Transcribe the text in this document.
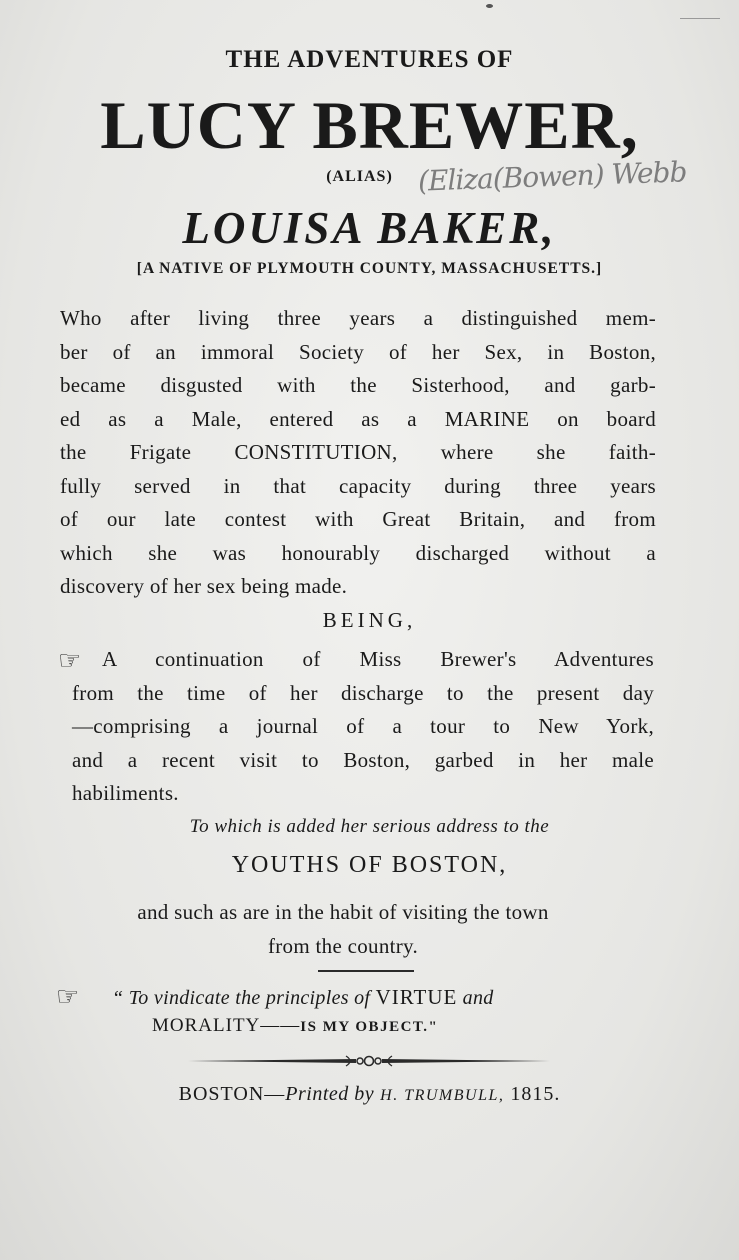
THE ADVENTURES OF
LUCY BREWER,
(ALIAS) (Eliza(Bowen) Webb
LOUISA BAKER,
[A NATIVE OF PLYMOUTH COUNTY, MASSACHUSETTS.]
Who after living three years a distinguished mem-
ber of an immoral Society of her Sex, in Boston,
became disgusted with the Sisterhood, and garb-
ed as a Male, entered as a MARINE on board
the Frigate CONSTITUTION, where she faith-
fully served in that capacity during three years
of our late contest with Great Britain, and from
which she was honourably discharged without a
discovery of her sex being made.
BEING,
☞ A continuation of Miss Brewer's Adventures
from the time of her discharge to the present day
—comprising a journal of a tour to New York,
and a recent visit to Boston, garbed in her male
habiliments.
To which is added her serious address to the
YOUTHS OF BOSTON,
and such as are in the habit of visiting the town
from the country.
☞ “ To vindicate the principles of VIRTUE and
MORALITY——IS MY OBJECT."
BOSTON—Printed by H. TRUMBULL, 1815.
